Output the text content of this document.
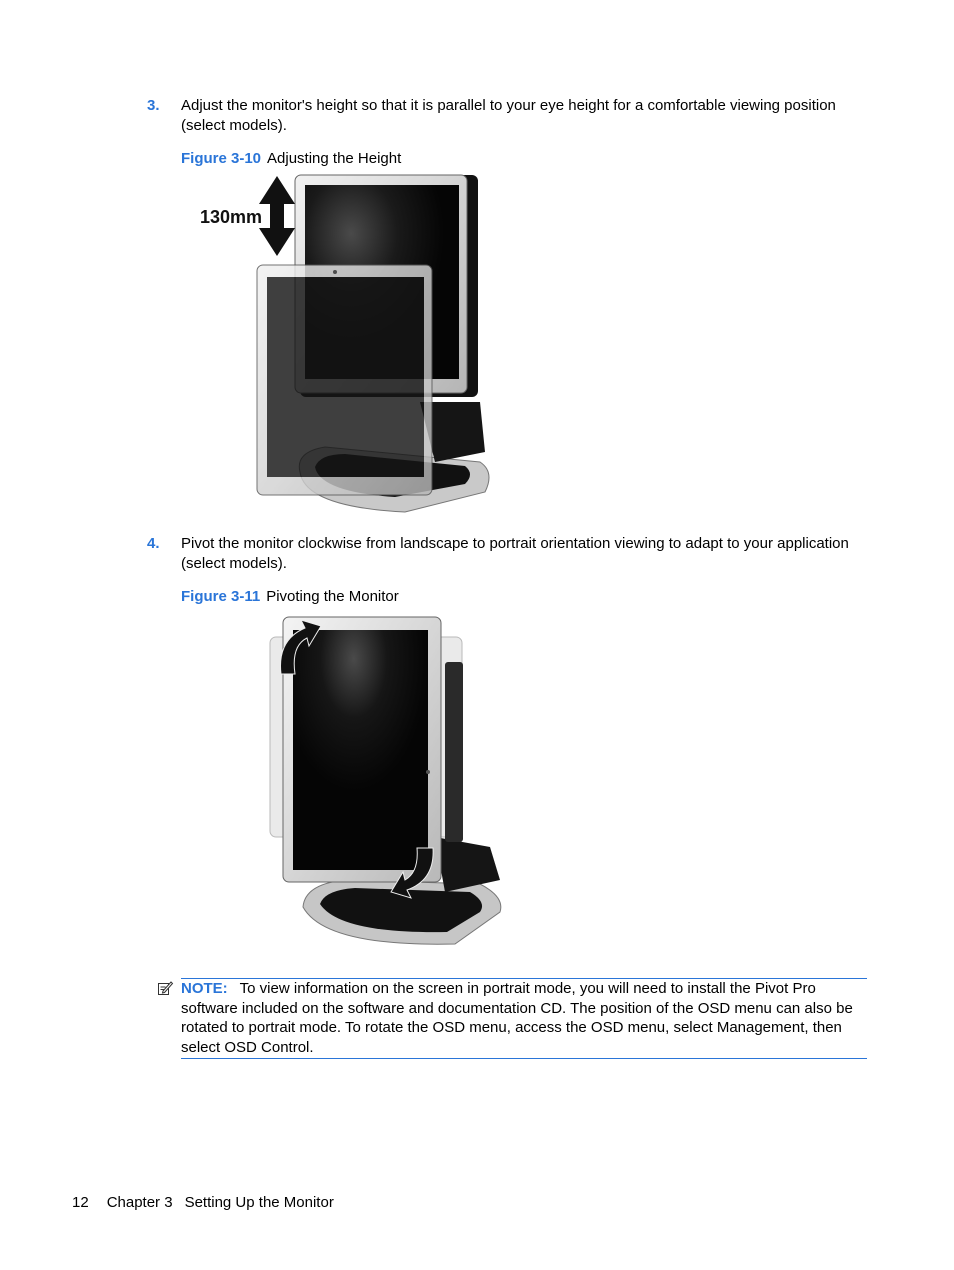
3. Adjust the monitor's height so that it is parallel to your eye height for a comfortable viewing position (select models).
Figure 3-10 Adjusting the Height
130mm
4. Pivot the monitor clockwise from landscape to portrait orientation viewing to adapt to your application (select models).
Figure 3-11 Pivoting the Monitor
NOTE: To view information on the screen in portrait mode, you will need to install the Pivot Pro software included on the software and documentation CD. The position of the OSD menu can also be rotated to portrait mode. To rotate the OSD menu, access the OSD menu, select Management, then select OSD Control.
12 Chapter 3 Setting Up the Monitor
